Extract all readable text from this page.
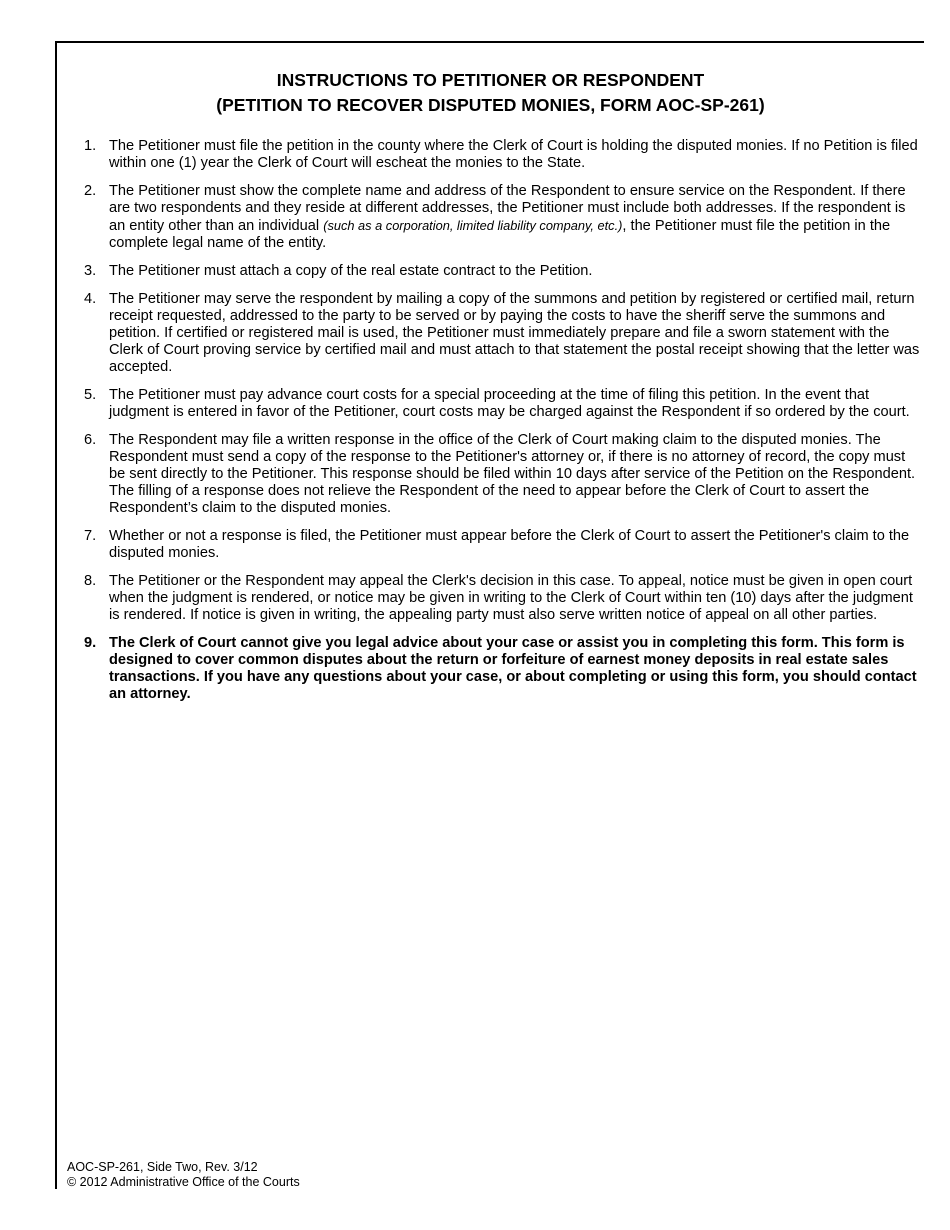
INSTRUCTIONS TO PETITIONER OR RESPONDENT
(PETITION TO RECOVER DISPUTED MONIES, FORM AOC-SP-261)
1. The Petitioner must file the petition in the county where the Clerk of Court is holding the disputed monies. If no Petition is filed within one (1) year the Clerk of Court will escheat the monies to the State.
2. The Petitioner must show the complete name and address of the Respondent to ensure service on the Respondent. If there are two respondents and they reside at different addresses, the Petitioner must include both addresses. If the respondent is an entity other than an individual (such as a corporation, limited liability company, etc.), the Petitioner must file the petition in the complete legal name of the entity.
3. The Petitioner must attach a copy of the real estate contract to the Petition.
4. The Petitioner may serve the respondent by mailing a copy of the summons and petition by registered or certified mail, return receipt requested, addressed to the party to be served or by paying the costs to have the sheriff serve the summons and petition. If certified or registered mail is used, the Petitioner must immediately prepare and file a sworn statement with the Clerk of Court proving service by certified mail and must attach to that statement the postal receipt showing that the letter was accepted.
5. The Petitioner must pay advance court costs for a special proceeding at the time of filing this petition. In the event that judgment is entered in favor of the Petitioner, court costs may be charged against the Respondent if so ordered by the court.
6. The Respondent may file a written response in the office of the Clerk of Court making claim to the disputed monies. The Respondent must send a copy of the response to the Petitioner's attorney or, if there is no attorney of record, the copy must be sent directly to the Petitioner. This response should be filed within 10 days after service of the Petition on the Respondent. The filling of a response does not relieve the Respondent of the need to appear before the Clerk of Court to assert the Respondent’s claim to the disputed monies.
7. Whether or not a response is filed, the Petitioner must appear before the Clerk of Court to assert the Petitioner's claim to the disputed monies.
8. The Petitioner or the Respondent may appeal the Clerk's decision in this case. To appeal, notice must be given in open court when the judgment is rendered, or notice may be given in writing to the Clerk of Court within ten (10) days after the judgment is rendered. If notice is given in writing, the appealing party must also serve written notice of appeal on all other parties.
9. The Clerk of Court cannot give you legal advice about your case or assist you in completing this form. This form is designed to cover common disputes about the return or forfeiture of earnest money deposits in real estate sales transactions. If you have any questions about your case, or about completing or using this form, you should contact an attorney.
AOC-SP-261, Side Two, Rev. 3/12
© 2012 Administrative Office of the Courts
